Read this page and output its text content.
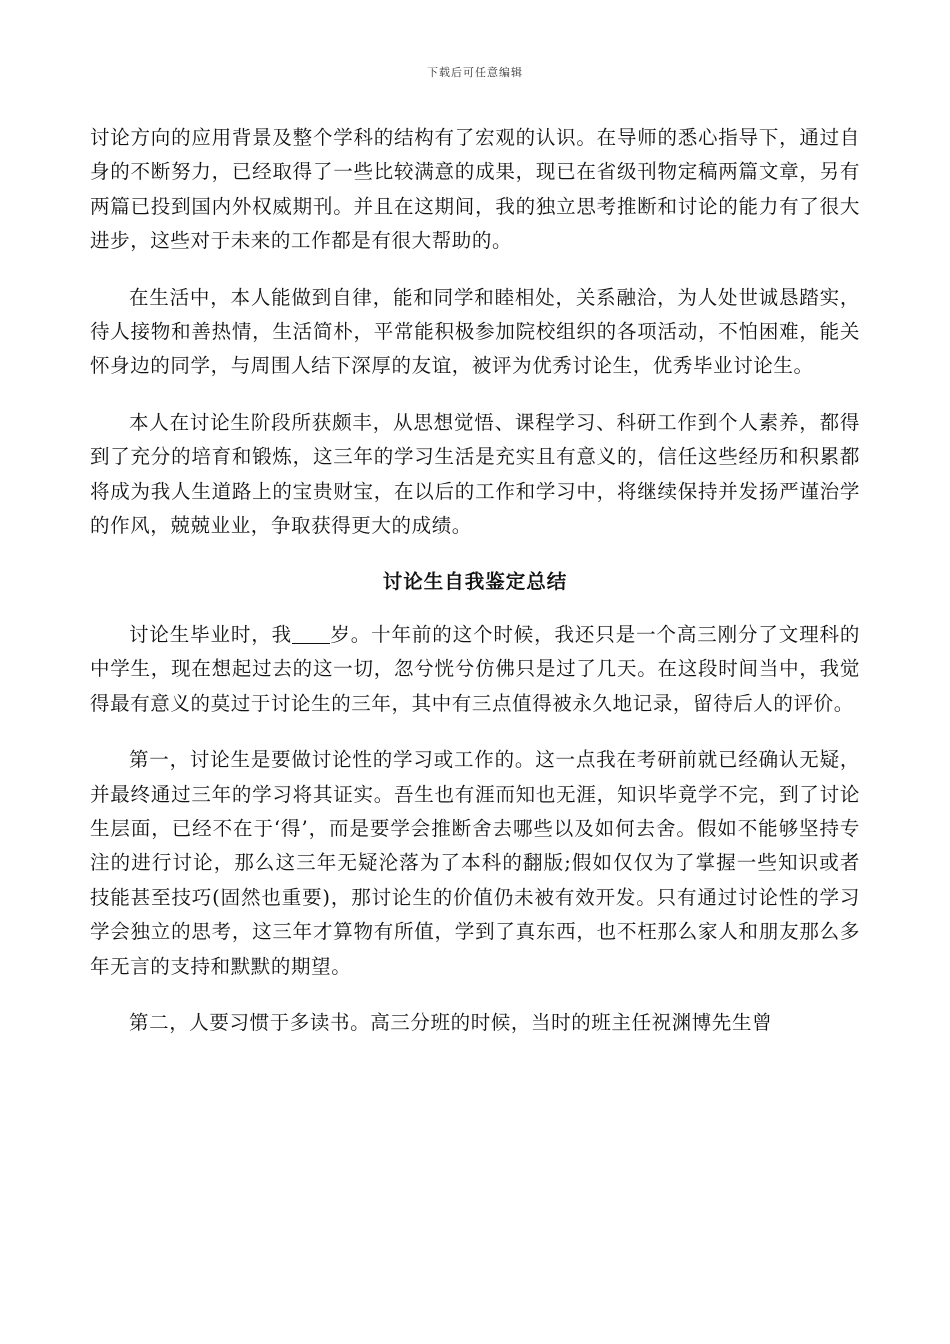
下载后可任意编辑

讨论方向的应用背景及整个学科的结构有了宏观的认识。在导师的悉心指导下，通过自身的不断努力，已经取得了一些比较满意的成果，现已在省级刊物定稿两篇文章，另有两篇已投到国内外权威期刊。并且在这期间，我的独立思考推断和讨论的能力有了很大进步，这些对于未来的工作都是有很大帮助的。

在生活中，本人能做到自律，能和同学和睦相处，关系融洽，为人处世诚恳踏实，待人接物和善热情，生活简朴，平常能积极参加院校组织的各项活动，不怕困难，能关怀身边的同学，与周围人结下深厚的友谊，被评为优秀讨论生，优秀毕业讨论生。

本人在讨论生阶段所获颇丰，从思想觉悟、课程学习、科研工作到个人素养，都得到了充分的培育和锻炼，这三年的学习生活是充实且有意义的，信任这些经历和积累都将成为我人生道路上的宝贵财宝，在以后的工作和学习中，将继续保持并发扬严谨治学的作风，兢兢业业，争取获得更大的成绩。

讨论生自我鉴定总结

讨论生毕业时，我 岁。十年前的这个时候，我还只是一个高三刚分了文理科的中学生，现在想起过去的这一切，忽兮恍兮仿佛只是过了几天。在这段时间当中，我觉得最有意义的莫过于讨论生的三年，其中有三点值得被永久地记录，留待后人的评价。

第一，讨论生是要做讨论性的学习或工作的。这一点我在考研前就已经确认无疑，并最终通过三年的学习将其证实。吾生也有涯而知也无涯，知识毕竟学不完，到了讨论生层面，已经不在于‘得’，而是要学会推断舍去哪些以及如何去舍。假如不能够坚持专注的进行讨论，那么这三年无疑沦落为了本科的翻版;假如仅仅为了掌握一些知识或者技能甚至技巧(固然也重要)，那讨论生的价值仍未被有效开发。只有通过讨论性的学习学会独立的思考，这三年才算物有所值，学到了真东西，也不枉那么家人和朋友那么多年无言的支持和默默的期望。

第二，人要习惯于多读书。高三分班的时候，当时的班主任祝渊博先生曾
